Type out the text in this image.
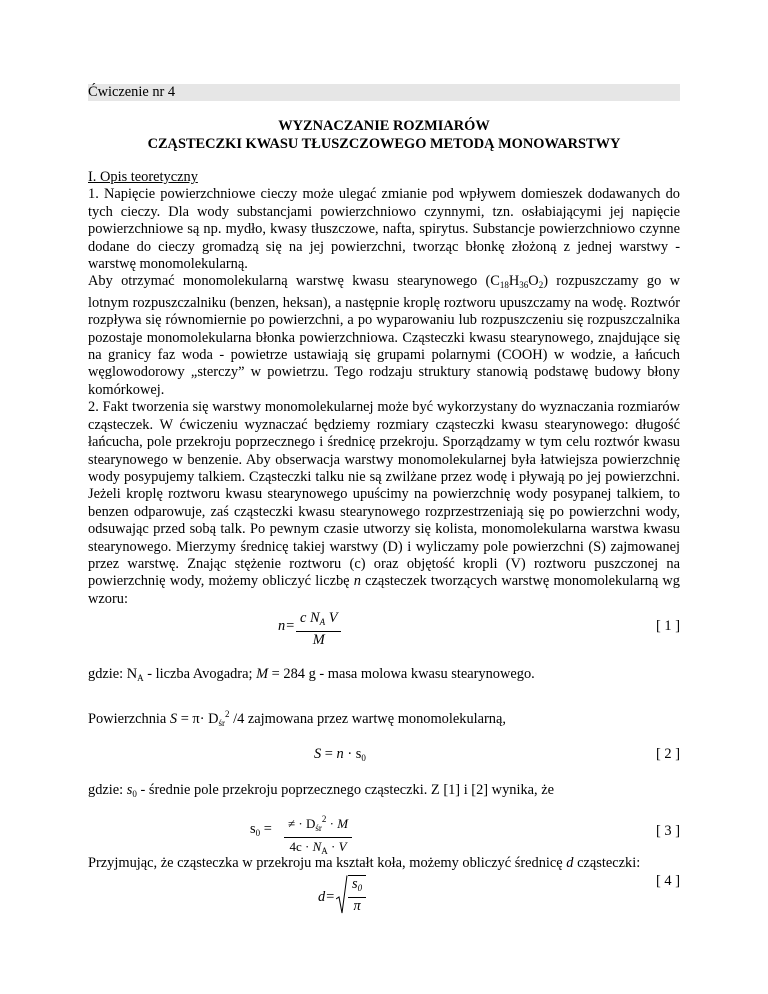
Ćwiczenie nr 4
WYZNACZANIE ROZMIARÓW
CZĄSTECZKI KWASU TŁUSZCZOWEGO METODĄ MONOWARSTWY
I. Opis teoretyczny

1. Napięcie powierzchniowe cieczy może ulegać zmianie pod wpływem domieszek dodawanych do tych cieczy. Dla wody substancjami powierzchniowo czynnymi, tzn. osłabiającymi jej napięcie powierzchniowe są np. mydło, kwasy tłuszczowe, nafta, spirytus. Substancje powierzchniowo czynne dodane do cieczy gromadzą się na jej powierzchni, tworząc błonkę złożoną z jednej warstwy - warstwę monomolekularną.

Aby otrzymać monomolekularną warstwę kwasu stearynowego $(C_{18}H_{36}O_2)$ rozpuszczamy go w lotnym rozpuszczalniku (benzen, heksan), a następnie kroplę roztworu upuszczamy na wodę. Roztwór rozpływa się równomiernie po powierzchni, a po wyparowaniu lub rozpuszczeniu się rozpuszczalnika pozostaje monomolekularna błonka powierzchniowa. Cząsteczki kwasu stearynowego, znajdujące się na granicy faz woda - powietrze ustawiają się grupami polarnymi (COOH) w wodzie, a łańcuch węglowodorowy „sterczy” w powietrzu. Tego rodzaju struktury stanowią podstawę budowy błony komórkowej.

2. Fakt tworzenia się warstwy monomolekularnej może być wykorzystany do wyznaczania rozmiarów cząsteczek. W ćwiczeniu wyznaczać będziemy rozmiary cząsteczki kwasu stearynowego: długość łańcucha, pole przekroju poprzecznego i średnicę przekroju. Sporządzamy w tym celu roztwór kwasu stearynowego w benzenie. Aby obserwacja warstwy monomolekularnej była łatwiejsza powierzchnię wody posypujemy talkiem. Cząsteczki talku nie są zwilżane przez wodę i pływają po jej powierzchni. Jeżeli kroplę roztworu kwasu stearynowego upuścimy na powierzchnię wody posypanej talkiem, to benzen odparowuje, zaś cząsteczki kwasu stearynowego rozprzestrzeniają się po powierzchni wody, odsuwając przed sobą talk. Po pewnym czasie utworzy się kolista, monomolekularna warstwa kwasu stearynowego. Mierzymy średnicę takiej warstwy (D) i wyliczamy pole powierzchni (S) zajmowanej przez warstwę. Znając stężenie roztworu (c) oraz objętość kropli (V) roztworu puszczonej na powierzchnię wody, możemy obliczyć liczbę n cząsteczek tworzących warstwę monomolekularną wg wzoru:

$n= \frac{c N_A V}{M}$	[ 1 ]

gdzie: $N_A$ - liczba Avogadra; M = 284 g - masa molowa kwasu stearynowego.

Powierzchnia $S = \pi\cdot D_{śr}^2$ /4 zajmowana przez wartwę monomolekularną,

$S = n \cdot s_0$	[ 2 ]

gdzie: $s_0$ - średnie pole przekroju poprzecznego cząsteczki. Z [1] i [2] wynika, że

$s_0$ =	≠ · $D_{śr}^2 \cdot M$
$4c \cdot N_A \cdot V$
[ 3 ]

Przyjmując, że cząsteczka w przekroju ma kształt koła, możemy obliczyć średnicę d cząsteczki:

$d= \frac{s_0}{\pi}$	[ 4 ]
